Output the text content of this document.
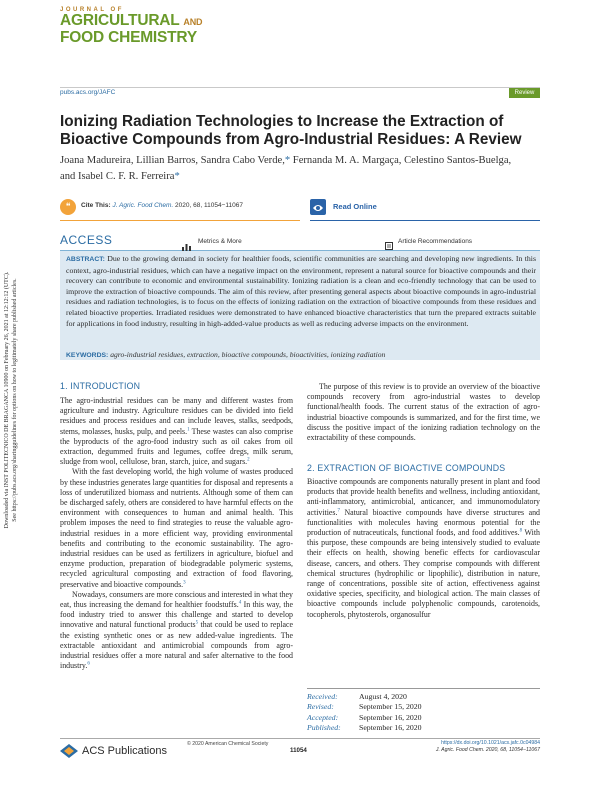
Downloaded via INST POLITECNICO DE BRAGANCA 10900 on February 26, 2021 at 12:12:12 (UTC). See https://pubs.acs.org/sharingguidelines for options on how to legitimately share published articles.
JOURNAL OF
AGRICULTURAL AND
FOOD CHEMISTRY
pubs.acs.org/JAFC	Review
Ionizing Radiation Technologies to Increase the Extraction of Bioactive Compounds from Agro-Industrial Residues: A Review
Joana Madureira, Lillian Barros, Sandra Cabo Verde,* Fernanda M. A. Margaça, Celestino Santos-Buelga,
and Isabel C. F. R. Ferreira*
❝	Cite This: J. Agric. Food Chem. 2020, 68, 11054−11067	Read Online
ACCESS	Metrics & More	Article Recommendations
ABSTRACT: Due to the growing demand in society for healthier foods, scientific communities are searching and developing new ingredients. In this context, agro-industrial residues, which can have a negative impact on the environment, represent a natural source for bioactive compounds and their recovery can contribute to economic and environmental sustainability. Ionizing radiation is a clean and eco-friendly technology that can be used to improve the extraction of bioactive compounds. The aim of this review, after presenting general aspects about bioactive compounds in agro-industrial residues and radiation technologies, is to focus on the effects of ionizing radiation on the extraction of bioactive compounds from these residues and related bioactive properties. Irradiated residues were demonstrated to have enhanced bioactive characteristics that turn the prepared extracts suitable for applications in food industry, resulting in high-added-value products as well as reducing adverse impacts on the environment.
KEYWORDS: agro-industrial residues, extraction, bioactive compounds, bioactivities, ionizing radiation
1. INTRODUCTION

The agro-industrial residues can be many and different wastes from agriculture and industry. Agriculture residues can be divided into field residues and process residues and can include leaves, stalks, seedpods, stems, molasses, husks, pulp, and peels.$^1$ These wastes can also comprise the byproducts of the agro-food industry such as oil cakes from oil extraction, degummed fruits and legumes, coffee dregs, milk serum, sludge from wool, cellulose, bran, starch, juice, and sugars.$^2$

With the fast developing world, the high volume of wastes produced by these industries generates large quantities for disposal and represents a loss of underutilized biomass and nutrients. Although some of them can be discharged safely, others are considered to have harmful effects on the environment with consequences to human and animal health. This problem imposes the need to find strategies to reuse the valuable agro-industrial residues in a more efficient way, providing environmental benefits and contributing to the economic sustainability. The agro-industrial residues can be used as fertilizers in agriculture, biofuel and enzyme production, preparation of biodegradable polymeric systems, recycled agricultural composting and extraction of food flavoring, preservative and bioactive compounds.$^3$

Nowadays, consumers are more conscious and interested in what they eat, thus increasing the demand for healthier foodstuffs.$^4$ In this way, the food industry tried to answer this challenge and started to develop innovative and natural functional products$^5$ that could be used to replace the existing synthetic ones or as new added-value ingredients. The extractable antioxidant and antimicrobial compounds from agro-industrial residues offer a more natural and safer alternative to the food industry.$^6$

The purpose of this review is to provide an overview of the bioactive compounds recovery from agro-industrial wastes to develop functional/health foods. The current status of the extraction of agro-industrial bioactive compounds is summarized, and for the first time, we discuss the positive impact of the ionizing radiation technology on the extractability of these compounds.

2. EXTRACTION OF BIOACTIVE COMPOUNDS

Bioactive compounds are components naturally present in plant and food products that provide health benefits and wellness, including antioxidant, anti-inflammatory, antimicrobial, anticancer, and immunomodulatory activities.$^7$ Natural bioactive compounds have diverse structures and functionalities with molecules having enormous potential for the production of nutraceuticals, functional foods, and food additives.$^8$ With this purpose, these compounds are being intensively studied to evaluate their effects on health, showing benefic effects for cardiovascular disease, cancers, and others. They comprise compounds with different chemical structures (hydrophilic or lipophilic), distribution in nature, range of concentrations, possible site of action, effectiveness against oxidative species, specificity, and biological action. The main classes of bioactive compounds include polyphenolic compounds, carotenoids, tocopherols, phytosterols, organosulfur

Received:	August 4, 2020
Revised:	September 15, 2020
Accepted:	September 16, 2020
Published:	September 16, 2020
ACS Publications
© 2020 American Chemical Society
11054
https://dx.doi.org/10.1021/acs.jafc.0c04984
J. Agric. Food Chem. 2020, 68, 11054−11067
